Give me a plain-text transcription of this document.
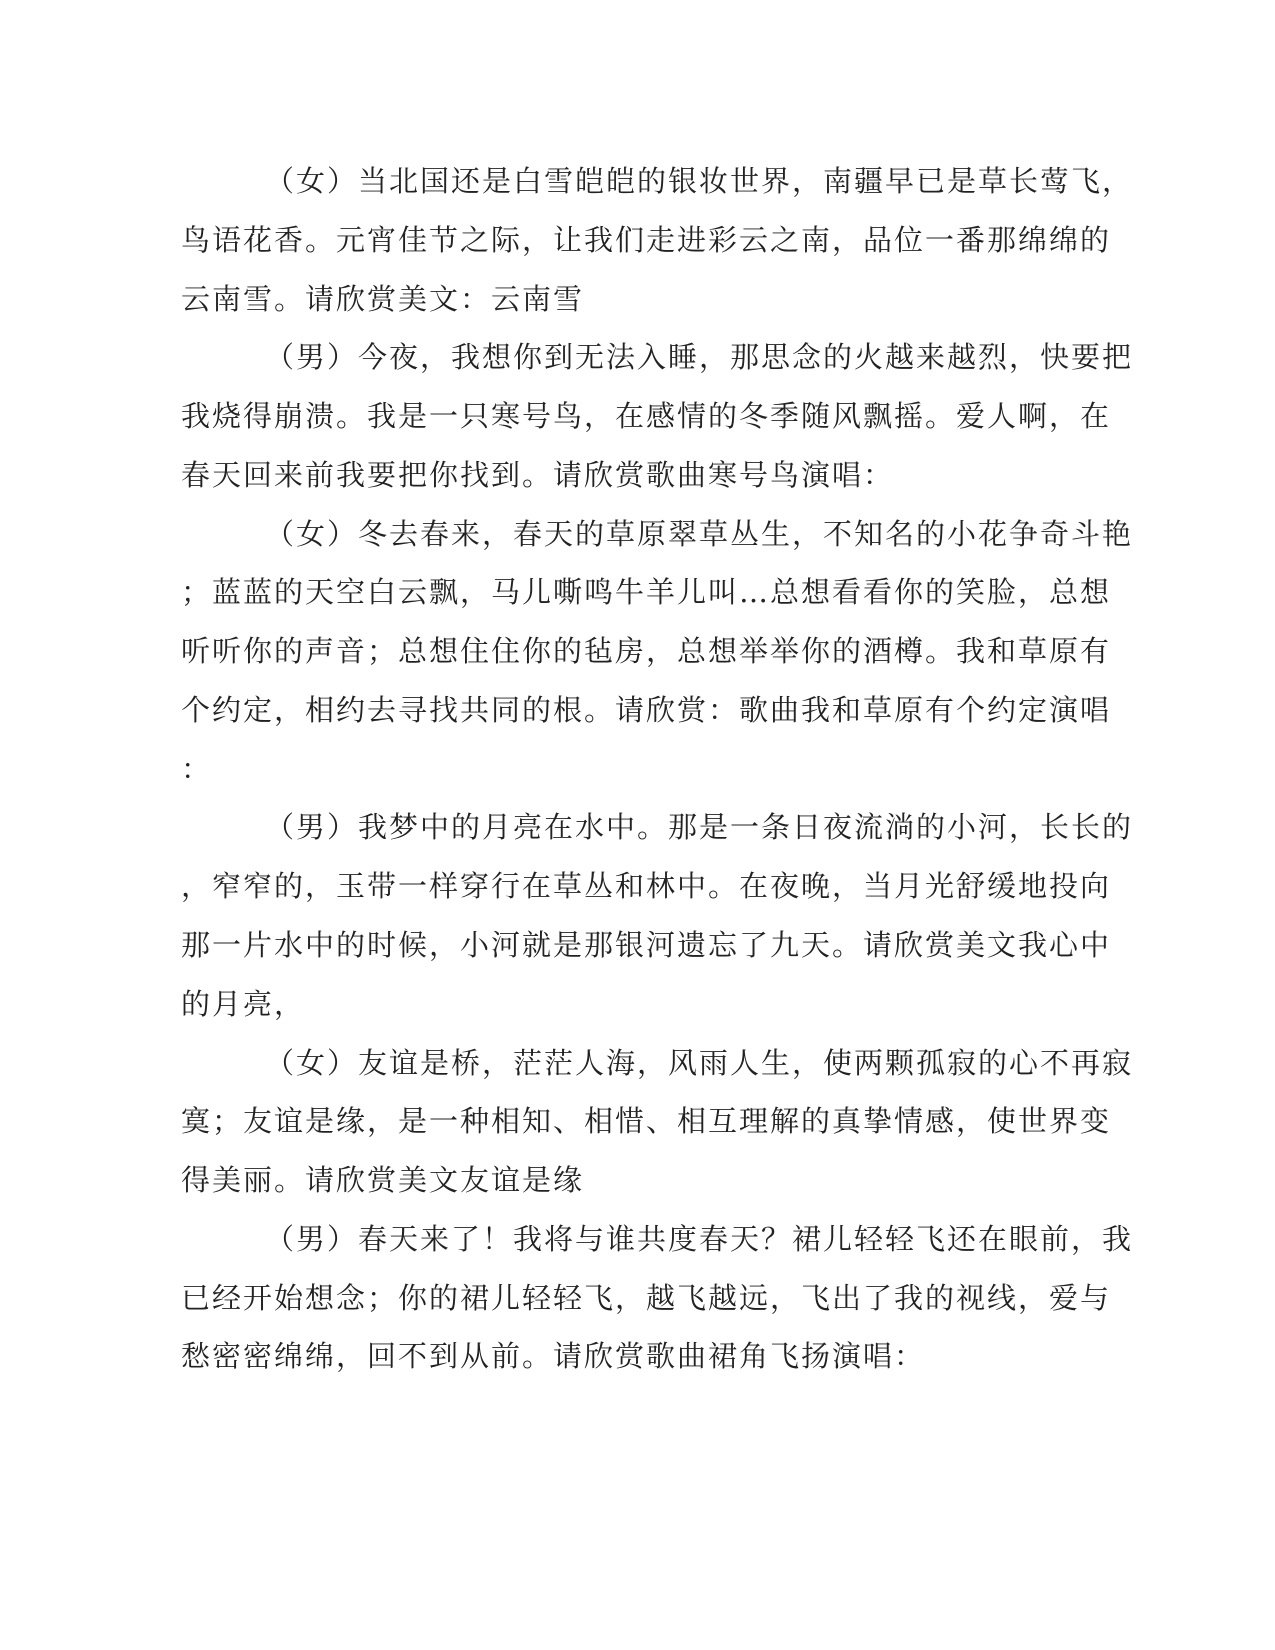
（女）当北国还是白雪皑皑的银妆世界，南疆早已是草长莺飞，
鸟语花香。元宵佳节之际，让我们走进彩云之南，品位一番那绵绵的
云南雪。请欣赏美文：云南雪
（男）今夜，我想你到无法入睡，那思念的火越来越烈，快要把
我烧得崩溃。我是一只寒号鸟，在感情的冬季随风飘摇。爱人啊，在
春天回来前我要把你找到。请欣赏歌曲寒号鸟演唱：
（女）冬去春来，春天的草原翠草丛生，不知名的小花争奇斗艳
；蓝蓝的天空白云飘，马儿嘶鸣牛羊儿叫…总想看看你的笑脸，总想
听听你的声音；总想住住你的毡房，总想举举你的酒樽。我和草原有
个约定，相约去寻找共同的根。请欣赏：歌曲我和草原有个约定演唱
：
（男）我梦中的月亮在水中。那是一条日夜流淌的小河，长长的
，窄窄的，玉带一样穿行在草丛和林中。在夜晚，当月光舒缓地投向
那一片水中的时候，小河就是那银河遗忘了九天。请欣赏美文我心中
的月亮，
（女）友谊是桥，茫茫人海，风雨人生，使两颗孤寂的心不再寂
寞；友谊是缘，是一种相知、相惜、相互理解的真挚情感，使世界变
得美丽。请欣赏美文友谊是缘
（男）春天来了！我将与谁共度春天？裙儿轻轻飞还在眼前，我
已经开始想念；你的裙儿轻轻飞，越飞越远，飞出了我的视线，爱与
愁密密绵绵，回不到从前。请欣赏歌曲裙角飞扬演唱：
